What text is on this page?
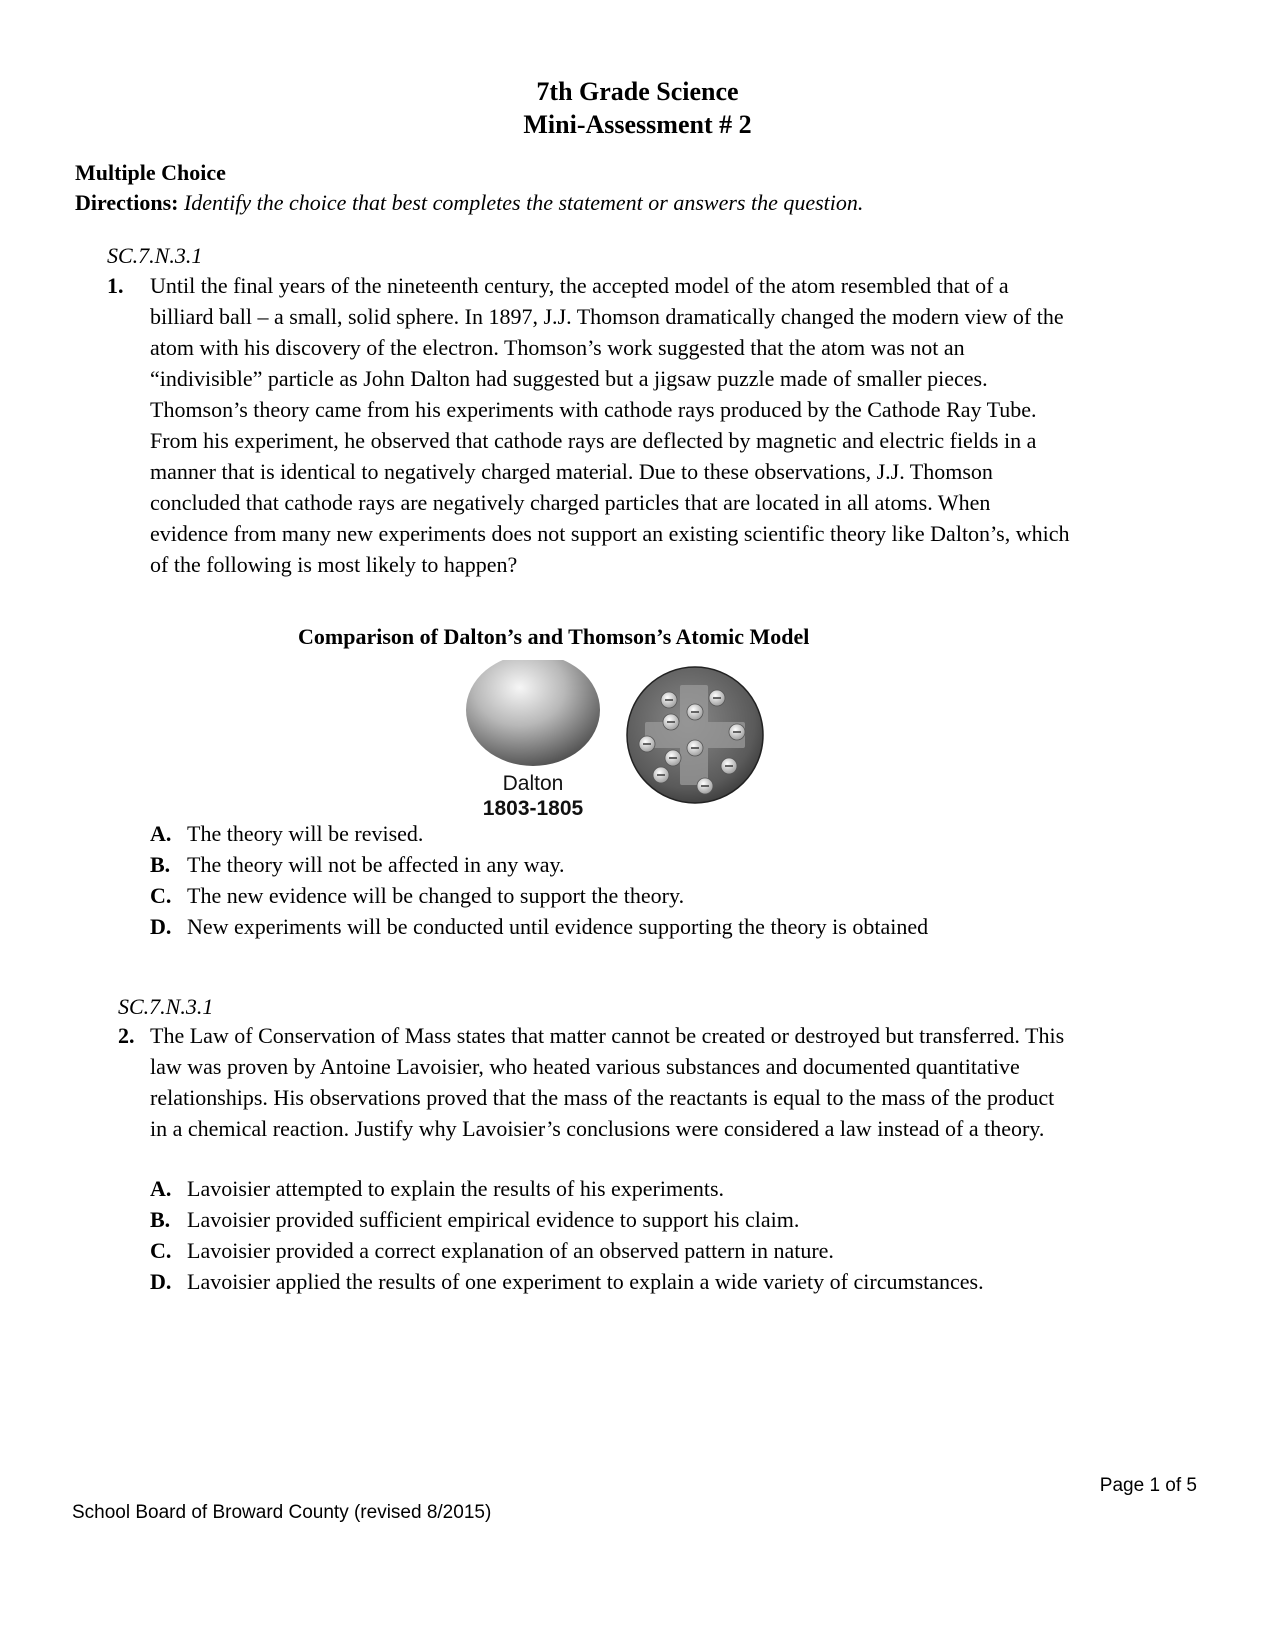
7th Grade Science
Mini-Assessment # 2
Multiple Choice
Directions: Identify the choice that best completes the statement or answers the question.
SC.7.N.3.1
1. Until the final years of the nineteenth century, the accepted model of the atom resembled that of a
billiard ball – a small, solid sphere. In 1897, J.J. Thomson dramatically changed the modern view of the
atom with his discovery of the electron. Thomson’s work suggested that the atom was not an
“indivisible” particle as John Dalton had suggested but a jigsaw puzzle made of smaller pieces.
Thomson’s theory came from his experiments with cathode rays produced by the Cathode Ray Tube.
From his experiment, he observed that cathode rays are deflected by magnetic and electric fields in a
manner that is identical to negatively charged material. Due to these observations, J.J. Thomson
concluded that cathode rays are negatively charged particles that are located in all atoms. When
evidence from many new experiments does not support an existing scientific theory like Dalton’s, which
of the following is most likely to happen?
Comparison of Dalton’s and Thomson’s Atomic Model
Dalton
1803-1805
A. The theory will be revised.
B. The theory will not be affected in any way.
C. The new evidence will be changed to support the theory.
D. New experiments will be conducted until evidence supporting the theory is obtained
SC.7.N.3.1
2. The Law of Conservation of Mass states that matter cannot be created or destroyed but transferred. This
law was proven by Antoine Lavoisier, who heated various substances and documented quantitative
relationships. His observations proved that the mass of the reactants is equal to the mass of the product
in a chemical reaction. Justify why Lavoisier’s conclusions were considered a law instead of a theory.
A. Lavoisier attempted to explain the results of his experiments.
B. Lavoisier provided sufficient empirical evidence to support his claim.
C. Lavoisier provided a correct explanation of an observed pattern in nature.
D. Lavoisier applied the results of one experiment to explain a wide variety of circumstances.
Page 1 of 5
School Board of Broward County (revised 8/2015)
